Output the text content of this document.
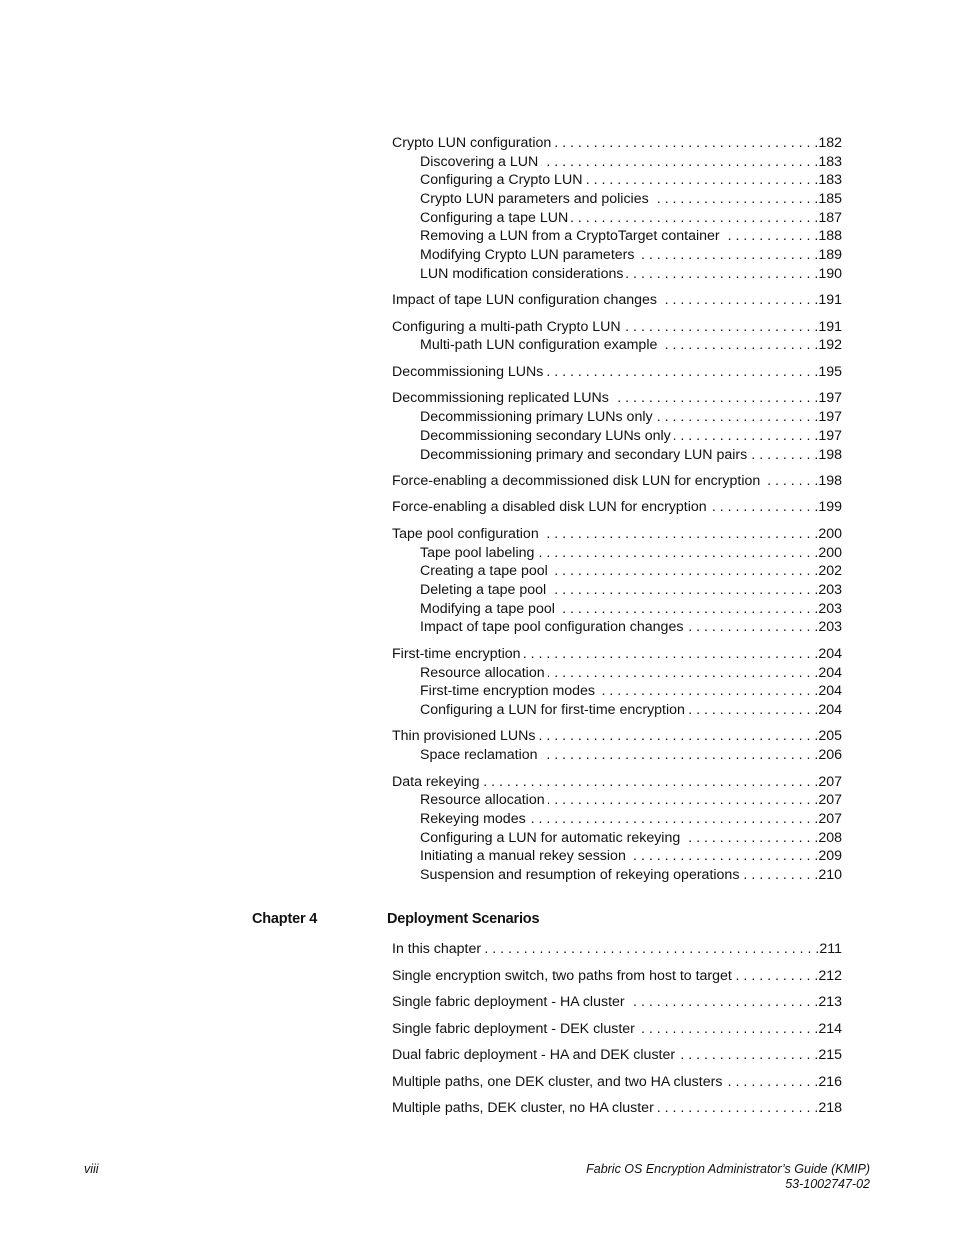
Crypto LUN configuration . . .	182
Discovering a LUN . . .	183
Configuring a Crypto LUN . . .	183
Crypto LUN parameters and policies . . .	185
Configuring a tape LUN . . .	187
Removing a LUN from a CryptoTarget container . . .	188
Modifying Crypto LUN parameters . . .	189
LUN modification considerations . . .	190
Impact of tape LUN configuration changes . . .	191
Configuring a multi-path Crypto LUN . . .	191
Multi-path LUN configuration example . . .	192
Decommissioning LUNs . . .	195
Decommissioning replicated LUNs . . .	197
Decommissioning primary LUNs only . . .	197
Decommissioning secondary LUNs only . . .	197
Decommissioning primary and secondary LUN pairs . . .	198
Force-enabling a decommissioned disk LUN for encryption . . .	198
Force-enabling a disabled disk LUN for encryption . . .	199
Tape pool configuration . . .	200
Tape pool labeling . . .	200
Creating a tape pool . . .	202
Deleting a tape pool . . .	203
Modifying a tape pool . . .	203
Impact of tape pool configuration changes . . .	203
First-time encryption . . .	204
Resource allocation . . .	204
First-time encryption modes . . .	204
Configuring a LUN for first-time encryption . . .	204
Thin provisioned LUNs . . .	205
Space reclamation . . .	206
Data rekeying . . .	207
Resource allocation . . .	207
Rekeying modes . . .	207
Configuring a LUN for automatic rekeying . . .	208
Initiating a manual rekey session . . .	209
Suspension and resumption of rekeying operations . . .	210
Chapter 4	Deployment Scenarios
In this chapter . . .	211
Single encryption switch, two paths from host to target . . .	212
Single fabric deployment - HA cluster . . .	213
Single fabric deployment - DEK cluster . . .	214
Dual fabric deployment - HA and DEK cluster . . .	215
Multiple paths, one DEK cluster, and two HA clusters . . .	216
Multiple paths, DEK cluster, no HA cluster . . .	218
viii	Fabric OS Encryption Administrator’s Guide (KMIP)
53-1002747-02
